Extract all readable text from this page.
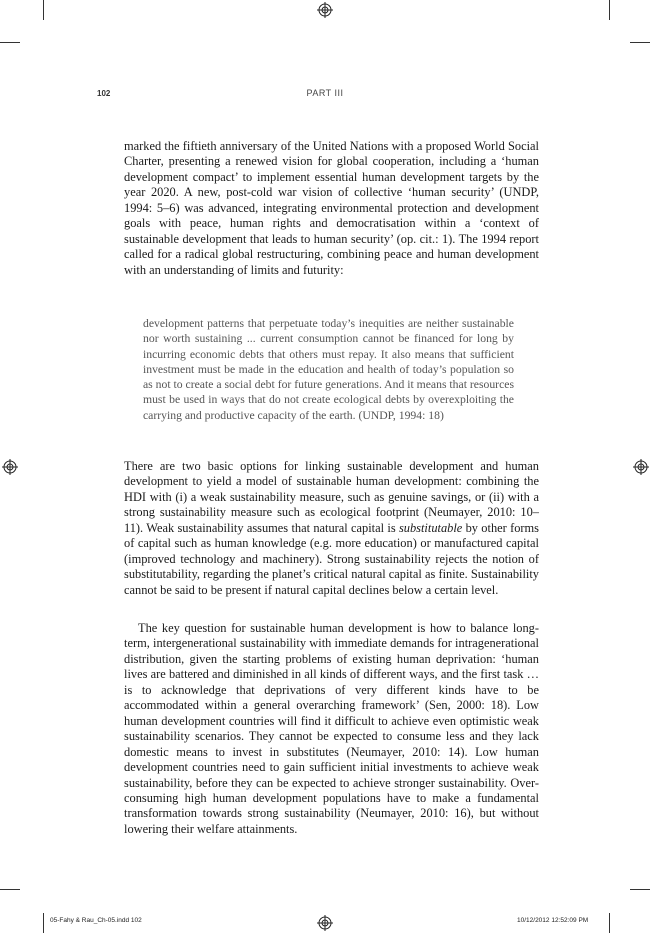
102	PART III

marked the fiftieth anniversary of the United Nations with a proposed World Social Charter, presenting a renewed vision for global cooperation, including a ‘human development compact’ to implement essential human development targets by the year 2020. A new, post-cold war vision of collective ‘human security’ (UNDP, 1994: 5–6) was advanced, integrating environmental protection and development goals with peace, human rights and democratisation within a ‘context of sustainable development that leads to human security’ (op. cit.: 1). The 1994 report called for a radical global restructuring, combining peace and human development with an understanding of limits and futurity:

development patterns that perpetuate today’s inequities are neither sustainable nor worth sustaining ... current consumption cannot be financed for long by incurring economic debts that others must repay. It also means that sufficient investment must be made in the education and health of today’s population so as not to create a social debt for future generations. And it means that resources must be used in ways that do not create ecological debts by overexploiting the carrying and productive capacity of the earth. (UNDP, 1994: 18)

There are two basic options for linking sustainable development and human development to yield a model of sustainable human development: combining the HDI with (i) a weak sustainability measure, such as genuine savings, or (ii) with a strong sustainability measure such as ecological footprint (Neumayer, 2010: 10–11). Weak sustainability assumes that natural capital is substitutable by other forms of capital such as human knowledge (e.g. more education) or manufactured capital (improved technology and machinery). Strong sustainability rejects the notion of substitutability, regarding the planet’s critical natural capital as finite. Sustainability cannot be said to be present if natural capital declines below a certain level.

The key question for sustainable human development is how to balance long-term, intergenerational sustainability with immediate demands for intragenerational distribution, given the starting problems of existing human deprivation: ‘human lives are battered and diminished in all kinds of different ways, and the first task … is to acknowledge that deprivations of very different kinds have to be accommodated within a general overarching framework’ (Sen, 2000: 18). Low human development countries will find it difficult to achieve even optimistic weak sustainability scenarios. They cannot be expected to consume less and they lack domestic means to invest in substitutes (Neumayer, 2010: 14). Low human development countries need to gain sufficient initial investments to achieve weak sustainability, before they can be expected to achieve stronger sustainability. Over-consuming high human development populations have to make a fundamental transformation towards strong sustainability (Neumayer, 2010: 16), but without lowering their welfare attainments.

05-Fahy & Rau_Ch-05.indd 102	10/12/2012 12:52:09 PM
